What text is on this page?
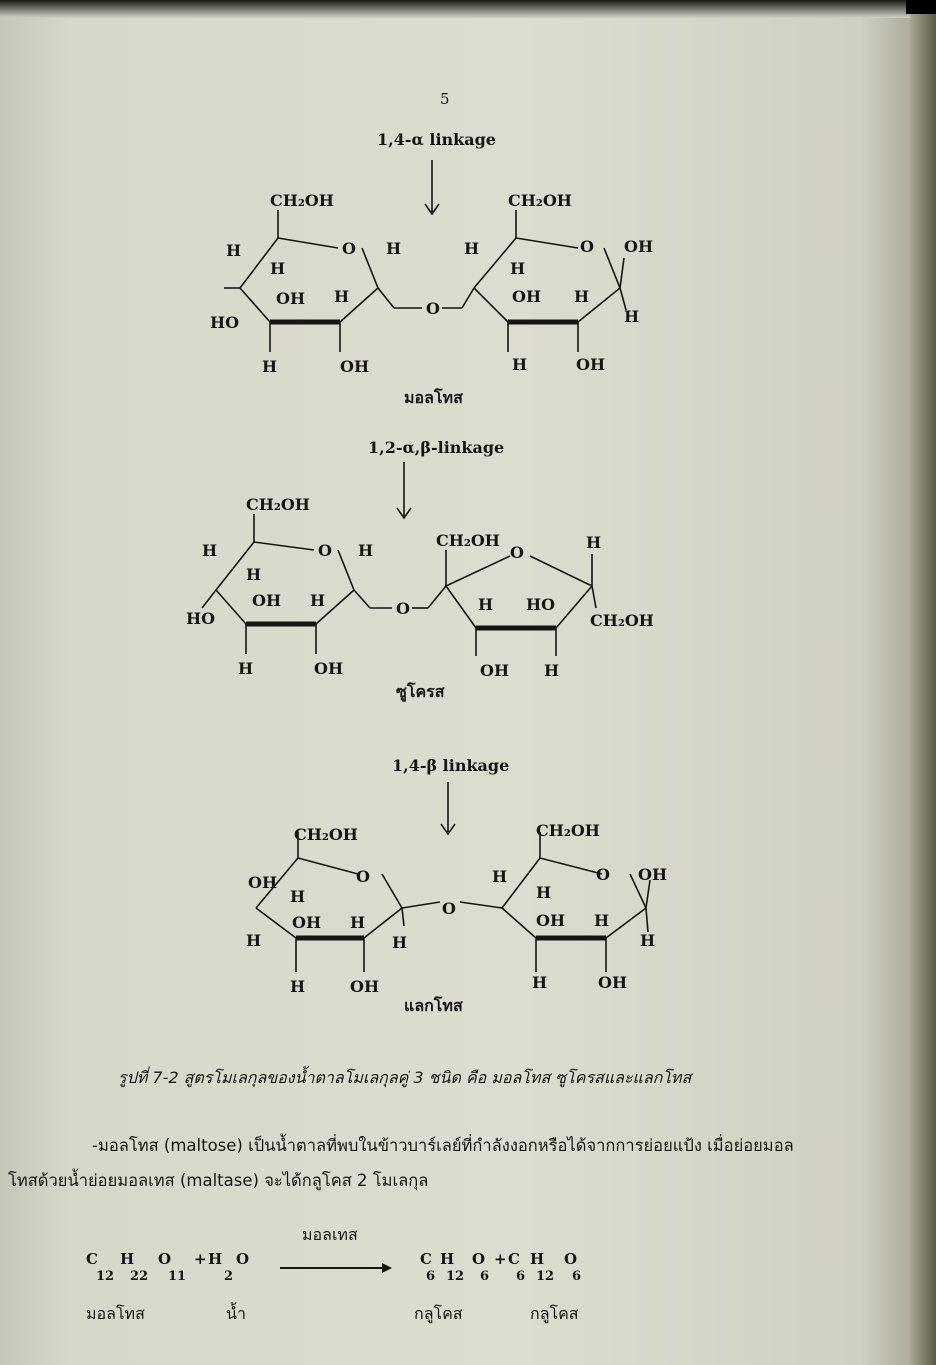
5
1,4-α linkage
CH₂OH
H
H
O H
HO
OH H
H	OH
O
CH₂OH
H
H
O OH
OH H
H
H	OH
มอลโทส
1,2-α,β-linkage
CH₂OH
H
H
O H
HO
OH H
H	OH
O
CH₂OH
O
H
H HO
CH₂OH
OH H
ซูโครส
1,4-β linkage
CH₂OH
OH
H
O
H
OH H
H
H	OH
O
CH₂OH
H
H
O OH
OH H
H
H	OH
แลกโทส
รูปที่ 7-2 สูตรโมเลกุลของน้ำตาลโมเลกุลคู่ 3 ชนิด คือ มอลโทส ซูโครสและแลกโทส
-มอลโทส (maltose) เป็นน้ำตาลที่พบในข้าวบาร์เลย์ที่กำลังงอกหรือได้จากการย่อยแป้ง เมื่อย่อยมอล
โทสด้วยน้ำย่อยมอลเทส (maltase) จะได้กลูโคส 2 โมเลกุล
มอลเทส
C
12
H
22
O
11
+ H
2
O	C
6
H
12
O
6
+ C
6
H
12
O
6
มอลโทส	น้ำ	กลูโคส	กลูโคส
